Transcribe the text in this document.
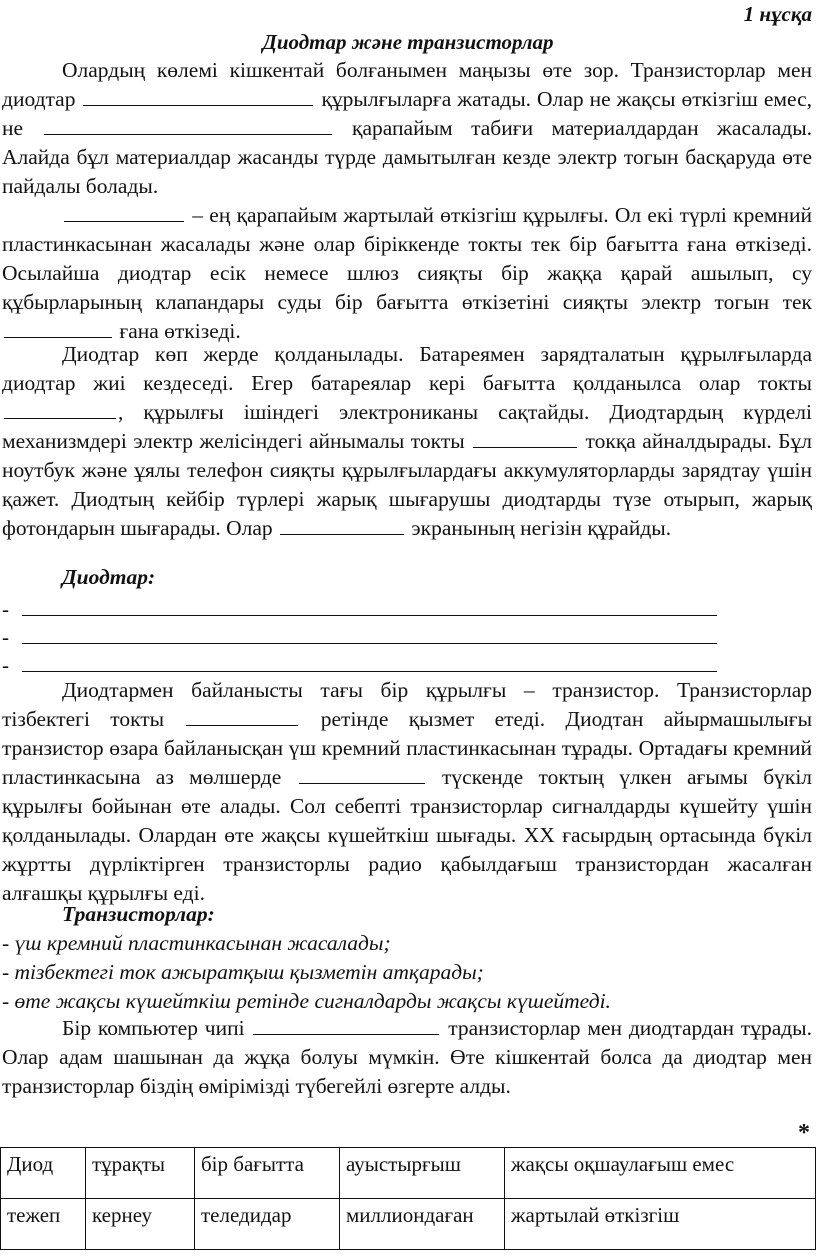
1 нұсқа
Диодтар және транзисторлар
Олардың көлемі кішкентай болғанымен маңызы өте зор. Транзисторлар мен диодтар	құрылғыларға жатады. Олар не жақсы өткізгіш емес, не	қарапайым табиғи материалдардан жасалады. Алайда бұл материалдар жасанды түрде дамытылған кезде электр тогын басқаруда өте пайдалы болады.
– ең қарапайым жартылай өткізгіш құрылғы. Ол екі түрлі кремний пластинкасынан жасалады және олар біріккенде токты тек бір бағытта ғана өткізеді. Осылайша диодтар есік немесе шлюз сияқты бір жаққа қарай ашылып, су құбырларының клапандары суды бір бағытта өткізетіні сияқты электр тогын тек  ғана өткізеді.
Диодтар көп жерде қолданылады. Батареямен зарядталатын құрылғыларда диодтар жиі кездеседі. Егер батареялар кері бағытта қолданылса олар токты , құрылғы ішіндегі электрониканы сақтайды. Диодтардың күрделі механизмдері электр желісіндегі айнымалы токты	токқа айналдырады. Бұл ноутбук және ұялы телефон сияқты құрылғылардағы аккумуляторларды зарядтау үшін қажет. Диодтың кейбір түрлері жарық шығарушы диодтарды түзе отырып, жарық фотондарын шығарады. Олар	экранының негізін құрайды.
Диодтар:
-
-
-
Диодтармен байланысты тағы бір құрылғы – транзистор. Транзисторлар тізбектегі токты	ретінде қызмет етеді. Диодтан айырмашылығы транзистор өзара байланысқан үш кремний пластинкасынан тұрады. Ортадағы кремний пластинкасына аз мөлшерде	түскенде токтың үлкен ағымы бүкіл құрылғы бойынан өте алады. Сол себепті транзисторлар сигналдарды күшейту үшін қолданылады. Олардан өте жақсы күшейткіш шығады. ХХ ғасырдың ортасында бүкіл жұртты дүрліктірген транзисторлы радио қабылдағыш транзистордан жасалған алғашқы құрылғы еді.
Транзисторлар:
- үш кремний пластинкасынан жасалады;
- тізбектегі ток ажыратқыш қызметін атқарады;
- өте жақсы күшейткіш ретінде сигналдарды жақсы күшейтеді.
Бір компьютер чипі	транзисторлар мен диодтардан тұрады. Олар адам шашынан да жұқа болуы мүмкін. Өте кішкентай болса да диодтар мен транзисторлар біздің өмірімізді түбегейлі өзгерте алды.
*
Диод	тұрақты	бір бағытта	ауыстырғыш	жақсы оқшаулағыш емес
тежеп	кернеу	теледидар	миллиондаған	жартылай өткізгіш
